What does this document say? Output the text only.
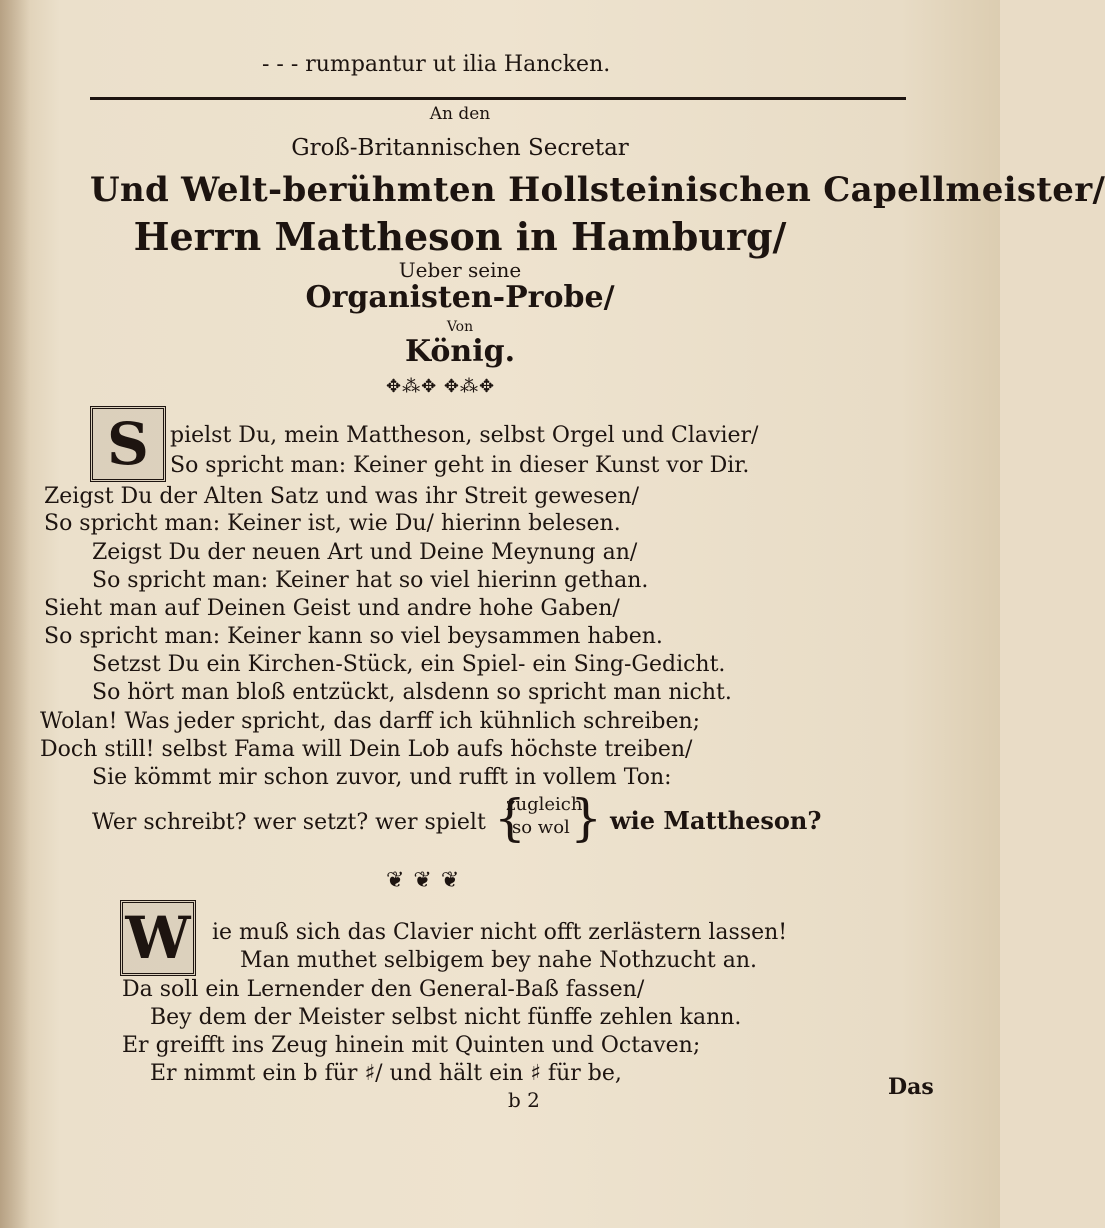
- - - rumpantur ut ilia Hancken.
An den
Groß-Britannischen Secretar
Und Welt-berühmten Hollsteinischen Capellmeister/
Herrn Mattheson in Hamburg/
Ueber seine
Organisten-Probe/
Von
König.
✥⁂✥ ✥⁂✥
S pielst Du, mein Mattheson, selbst Orgel und Clavier/
So spricht man: Keiner geht in dieser Kunst vor Dir.
Zeigst Du der Alten Satz und was ihr Streit gewesen/
So spricht man: Keiner ist, wie Du/ hierinn belesen.
Zeigst Du der neuen Art und Deine Meynung an/
So spricht man: Keiner hat so viel hierinn gethan.
Sieht man auf Deinen Geist und andre hohe Gaben/
So spricht man: Keiner kann so viel beysammen haben.
Setzst Du ein Kirchen-Stück, ein Spiel- ein Sing-Gedicht.
So hört man bloß entzückt, alsdenn so spricht man nicht.
Wolan! Was jeder spricht, das darff ich kühnlich schreiben;
Doch still! selbst Fama will Dein Lob aufs höchste treiben/
Sie kömmt mir schon zuvor, und rufft in vollem Ton:
Wer schreibt? wer setzt? wer spielt {
zugleich
so wol } wie Mattheson?
❦ ❦ ❦
W ie muß sich das Clavier nicht offt zerlästern lassen!
Man muthet selbigem bey nahe Nothzucht an.
Da soll ein Lernender den General-Baß fassen/
Bey dem der Meister selbst nicht fünffe zehlen kann.
Er greifft ins Zeug hinein mit Quinten und Octaven;
Er nimmt ein b für ♯/ und hält ein ♯ für be,
b 2	Das
